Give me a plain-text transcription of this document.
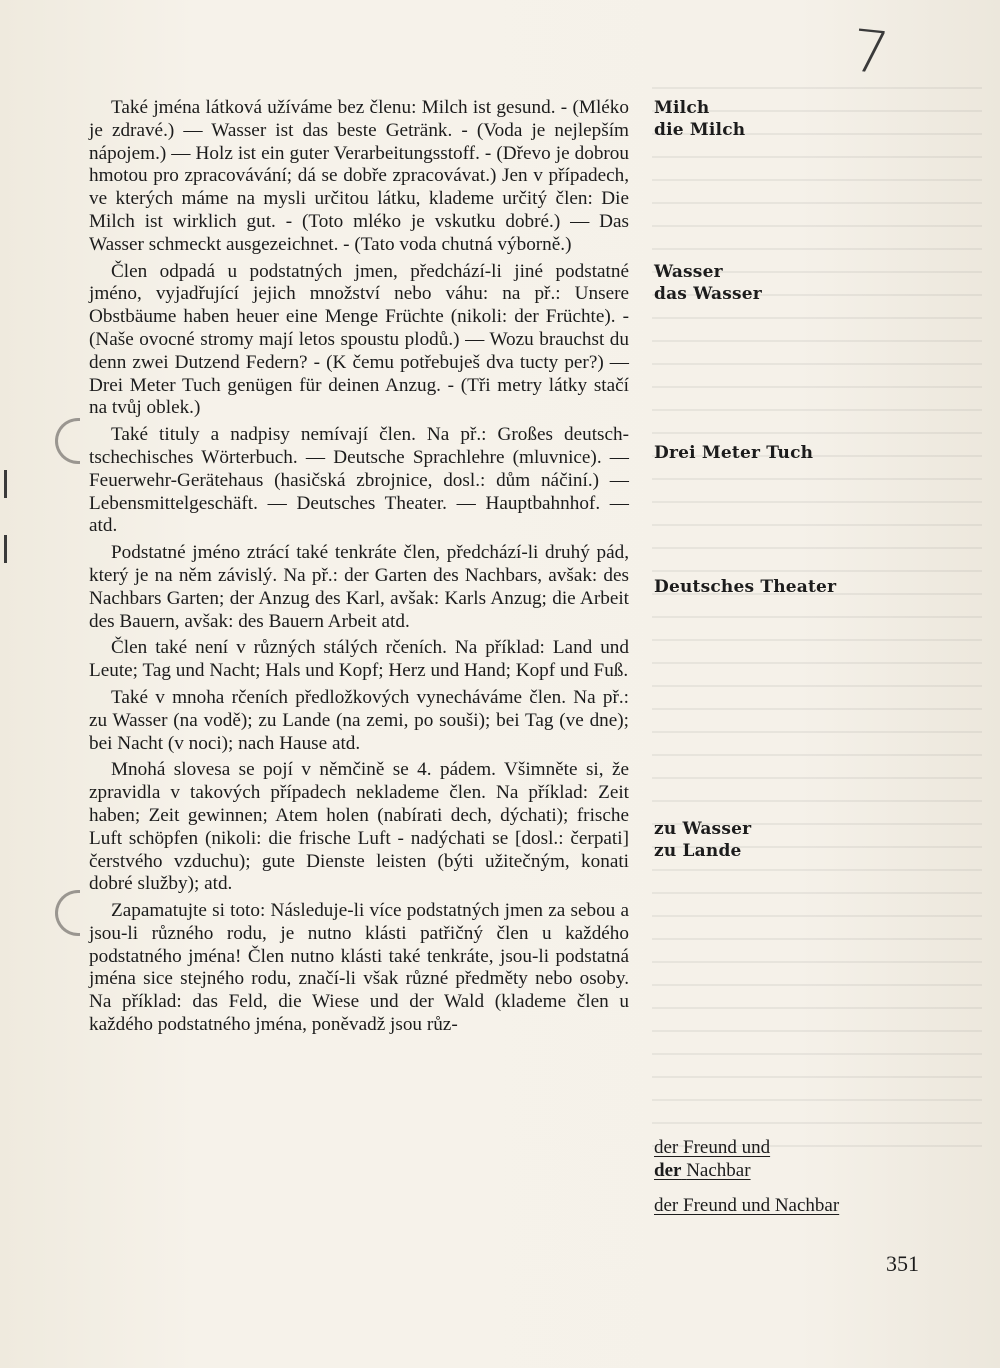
7

Také jména látková užíváme bez členu: Milch ist gesund. - (Mléko je zdravé.) — Wasser ist das beste Getränk. - (Voda je nejlepším nápojem.) — Holz ist ein guter Verarbeitungsstoff. - (Dřevo je dobrou hmotou pro zpracovávání; dá se dobře zpracovávat.) Jen v případech, ve kterých máme na mysli určitou látku, klademe určitý člen: Die Milch ist wirklich gut. - (Toto mléko je vskutku dobré.) — Das Wasser schmeckt ausgezeichnet. - (Tato voda chutná výborně.)

Člen odpadá u podstatných jmen, předchází-li jiné podstatné jméno, vyjadřující jejich množství nebo váhu: na př.: Unsere Obstbäume haben heuer eine Menge Früchte (nikoli: der Früchte). - (Naše ovocné stromy mají letos spoustu plodů.) — Wozu brauchst du denn zwei Dutzend Federn? - (K čemu potřebuješ dva tucty per?) — Drei Meter Tuch genügen für deinen Anzug. - (Tři metry látky stačí na tvůj oblek.)

Také tituly a nadpisy nemívají člen. Na př.: Großes deutsch-tschechisches Wörterbuch. — Deutsche Sprachlehre (mluvnice). — Feuerwehr-Gerätehaus (hasičská zbrojnice, dosl.: dům náčiní.) — Lebensmittelgeschäft. — Deutsches Theater. — Hauptbahnhof. — atd.

Podstatné jméno ztrácí také tenkráte člen, předchází-li druhý pád, který je na něm závislý. Na př.: der Garten des Nachbars, avšak: des Nachbars Garten; der Anzug des Karl, avšak: Karls Anzug; die Arbeit des Bauern, avšak: des Bauern Arbeit atd.

Člen také není v různých stálých rčeních. Na příklad: Land und Leute; Tag und Nacht; Hals und Kopf; Herz und Hand; Kopf und Fuß.

Také v mnoha rčeních předložkových vynecháváme člen. Na př.: zu Wasser (na vodě); zu Lande (na zemi, po souši); bei Tag (ve dne); bei Nacht (v noci); nach Hause atd.

Mnohá slovesa se pojí v němčině se 4. pádem. Všimněte si, že zpravidla v takových případech neklademe člen. Na příklad: Zeit haben; Zeit gewinnen; Atem holen (nabírati dech, dýchati); frische Luft schöpfen (nikoli: die frische Luft - nadýchati se [dosl.: čerpati] čerstvého vzduchu); gute Dienste leisten (býti užitečným, konati dobré služby); atd.

Zapamatujte si toto: Následuje-li více podstatných jmen za sebou a jsou-li různého rodu, je nutno klásti patřičný člen u každého podstatného jména! Člen nutno klásti také tenkráte, jsou-li podstatná jména sice stejného rodu, značí-li však různé předměty nebo osoby. Na příklad: das Feld, die Wiese und der Wald (klademe člen u každého podstatného jména, poněvadž jsou růz-

Milch
die Milch
Wasser
das Wasser
Drei Meter Tuch
Deutsches Theater
zu Wasser
zu Lande
der Freund und
der Nachbar
der Freund und Nachbar
351
